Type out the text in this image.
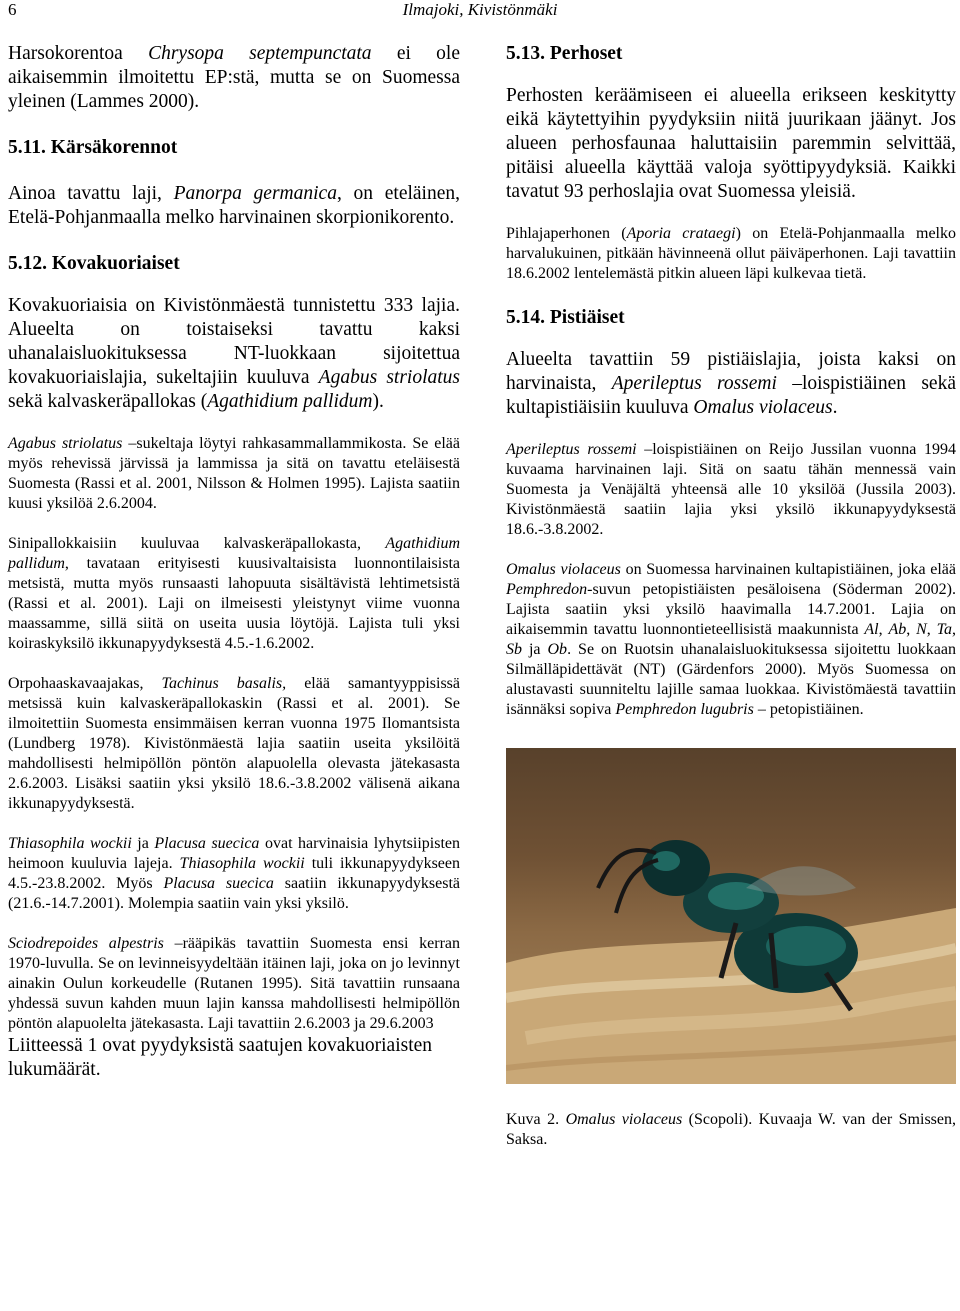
6	Ilmajoki, Kivistönmäki

Harsokorentoa Chrysopa septempunctata ei ole aikaisemmin ilmoitettu EP:stä, mutta se on Suomessa yleinen (Lammes 2000).

5.11. Kärsäkorennot

Ainoa tavattu laji, Panorpa germanica, on eteläinen, Etelä-Pohjanmaalla melko harvinainen skorpionikorento.

5.12. Kovakuoriaiset

Kovakuoriaisia on Kivistönmäestä tunnistettu 333 lajia. Alueelta on toistaiseksi tavattu kaksi uhanalaisluokituksessa NT-luokkaan sijoitettua kovakuoriaislajia, sukeltajiin kuuluva Agabus striolatus sekä kalvaskeräpallokas (Agathidium pallidum).

Agabus striolatus –sukeltaja löytyi rahkasammallammikosta. Se elää myös rehevissä järvissä ja lammissa ja sitä on tavattu eteläisestä Suomesta (Rassi et al. 2001, Nilsson & Holmen 1995). Lajista saatiin kuusi yksilöä 2.6.2004.

Sinipallokkaisiin kuuluvaa kalvaskeräpallokasta, Agathidium pallidum, tavataan erityisesti kuusivaltaisista luonnontilaisista metsistä, mutta myös runsaasti lahopuuta sisältävistä lehtimetsistä (Rassi et al. 2001). Laji on ilmeisesti yleistynyt viime vuonna maassamme, sillä siitä on useita uusia löytöjä. Lajista tuli yksi koiraskyksilö ikkunapyydyksestä 4.5.-1.6.2002.

Orpohaaskavaajakas, Tachinus basalis, elää samantyyppisissä metsissä kuin kalvaskeräpallokaskin (Rassi et al. 2001). Se ilmoitettiin Suomesta ensimmäisen kerran vuonna 1975 Ilomantsista (Lundberg 1978). Kivistönmäestä lajia saatiin useita yksilöitä mahdollisesti helmipöllön pöntön alapuolella olevasta jätekasasta 2.6.2003. Lisäksi saatiin yksi yksilö 18.6.-3.8.2002 välisenä aikana ikkunapyydyksestä.

Thiasophila wockii ja Placusa suecica ovat harvinaisia lyhytsiipisten heimoon kuuluvia lajeja. Thiasophila wockii tuli ikkunapyydykseen 4.5.-23.8.2002. Myös Placusa suecica saatiin ikkunapyydyksestä (21.6.-14.7.2001). Molempia saatiin vain yksi yksilö.

Sciodrepoides alpestris –rääpikäs tavattiin Suomesta ensi kerran 1970-luvulla. Se on levinneisyydeltään itäinen laji, joka on jo levinnyt ainakin Oulun korkeudelle (Rutanen 1995). Sitä tavattiin runsaana yhdessä suvun kahden muun lajin kanssa mahdollisesti helmipöllön pöntön alapuolelta jätekasasta. Laji tavattiin 2.6.2003 ja 29.6.2003

Liitteessä 1 ovat pyydyksistä saatujen kovakuoriaisten lukumäärät.

5.13. Perhoset

Perhosten keräämiseen ei alueella erikseen keskitytty eikä käytettyihin pyydyksiin niitä juurikaan jäänyt. Jos alueen perhosfaunaa haluttaisiin paremmin selvittää, pitäisi alueella käyttää valoja syöttipyydyksiä. Kaikki tavatut 93 perhoslajia ovat Suomessa yleisiä.

Pihlajaperhonen (Aporia crataegi) on Etelä-Pohjanmaalla melko harvalukuinen, pitkään hävinneenä ollut päiväperhonen. Laji tavattiin 18.6.2002 lentelemästä pitkin alueen läpi kulkevaa tietä.

5.14. Pistiäiset

Alueelta tavattiin 59 pistiäislajia, joista kaksi on harvinaista, Aperileptus rossemi –loispistiäinen sekä kultapistiäisiin kuuluva Omalus violaceus.

Aperileptus rossemi –loispistiäinen on Reijo Jussilan vuonna 1994 kuvaama harvinainen laji. Sitä on saatu tähän mennessä vain Suomesta ja Venäjältä yhteensä alle 10 yksilöä (Jussila 2003). Kivistönmäestä saatiin lajia yksi yksilö ikkunapyydyksestä 18.6.-3.8.2002.

Omalus violaceus on Suomessa harvinainen kultapistiäinen, joka elää Pemphredon-suvun petopistiäisten pesäloisena (Söderman 2002). Lajista saatiin yksi yksilö haavimalla 14.7.2001. Lajia on aikaisemmin tavattu luonnontieteellisistä maakunnista Al, Ab, N, Ta, Sb ja Ob. Se on Ruotsin uhanalaisluokituksessa sijoitettu luokkaan Silmälläpidettävät (NT) (Gärdenfors 2000). Myös Suomessa on alustavasti suunniteltu lajille samaa luokkaa. Kivistömäestä tavattiin isännäksi sopiva Pemphredon lugubris – petopistiäinen.

Kuva 2. Omalus violaceus (Scopoli). Kuvaaja W. van der Smissen, Saksa.
